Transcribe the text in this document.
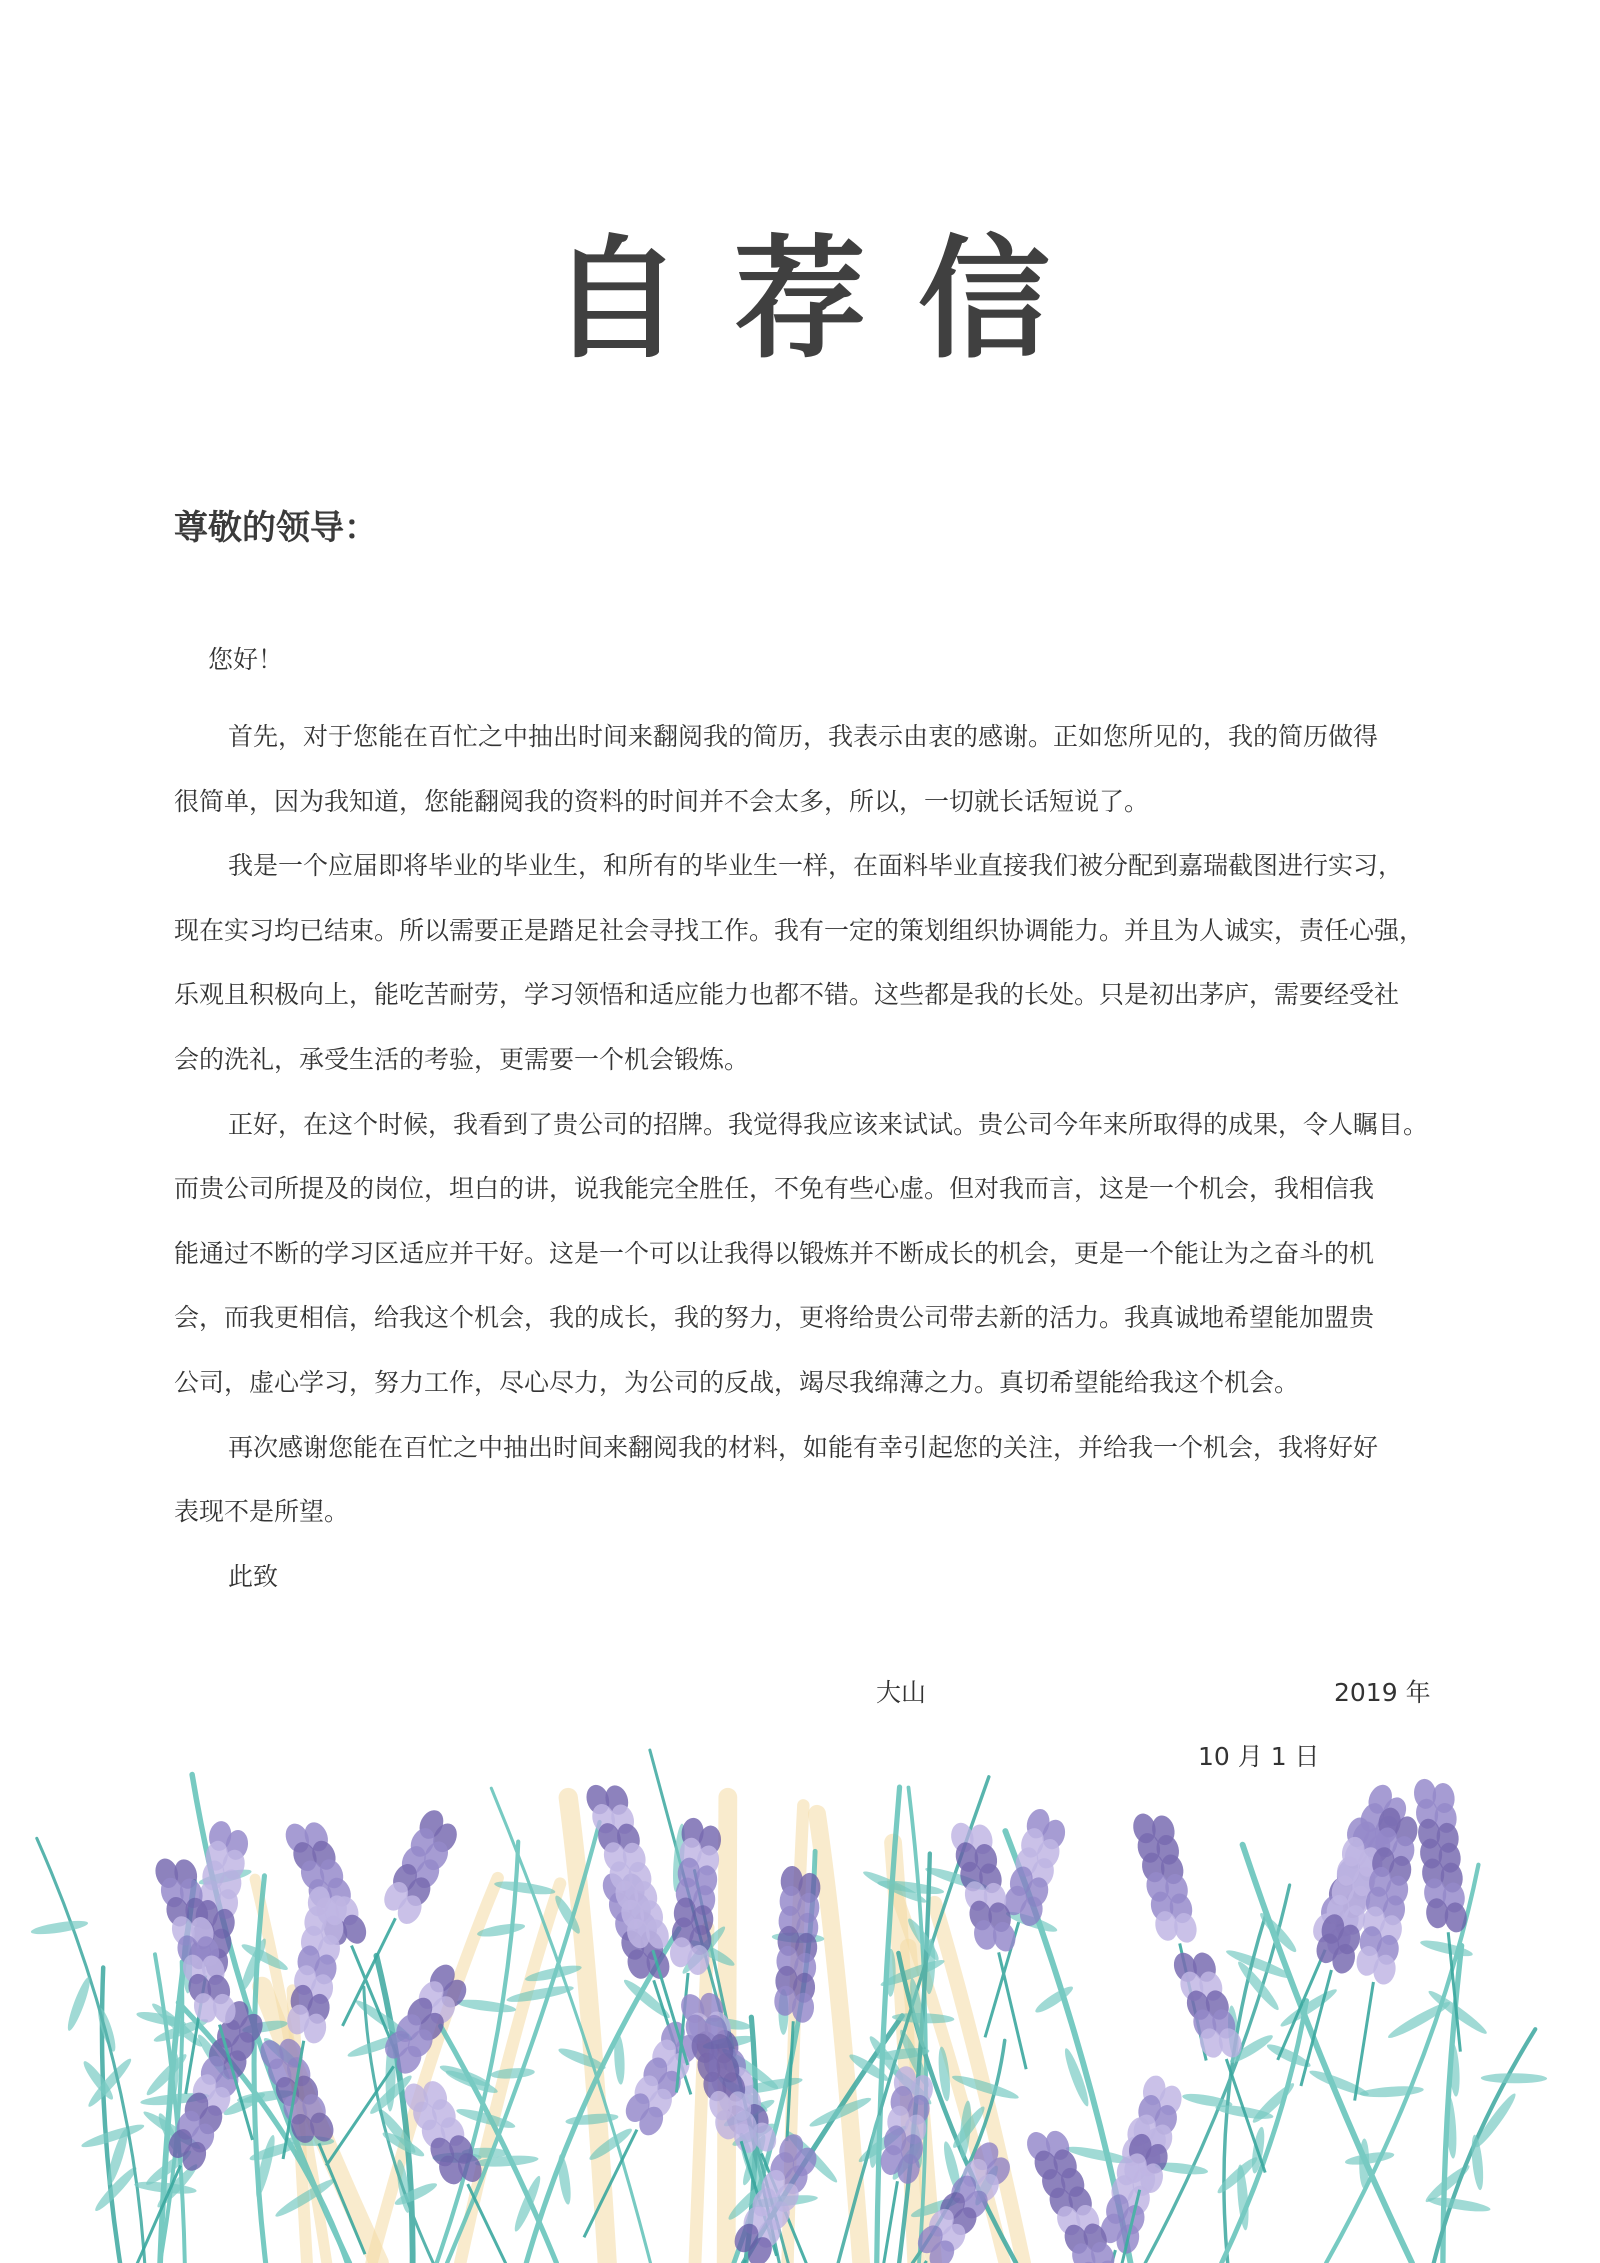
自荐信
尊敬的领导：
您好！
首先，对于您能在百忙之中抽出时间来翻阅我的简历，我表示由衷的感谢。正如您所见的，我的简历做得
很简单，因为我知道，您能翻阅我的资料的时间并不会太多，所以，一切就长话短说了。
我是一个应届即将毕业的毕业生，和所有的毕业生一样，在面料毕业直接我们被分配到嘉瑞截图进行实习，
现在实习均已结束。所以需要正是踏足社会寻找工作。我有一定的策划组织协调能力。并且为人诚实，责任心强，
乐观且积极向上，能吃苦耐劳，学习领悟和适应能力也都不错。这些都是我的长处。只是初出茅庐，需要经受社
会的洗礼，承受生活的考验，更需要一个机会锻炼。
正好，在这个时候，我看到了贵公司的招牌。我觉得我应该来试试。贵公司今年来所取得的成果，令人瞩目。
而贵公司所提及的岗位，坦白的讲，说我能完全胜任，不免有些心虚。但对我而言，这是一个机会，我相信我
能通过不断的学习区适应并干好。这是一个可以让我得以锻炼并不断成长的机会，更是一个能让为之奋斗的机
会，而我更相信，给我这个机会，我的成长，我的努力，更将给贵公司带去新的活力。我真诚地希望能加盟贵
公司，虚心学习，努力工作，尽心尽力，为公司的反战，竭尽我绵薄之力。真切希望能给我这个机会。
再次感谢您能在百忙之中抽出时间来翻阅我的材料，如能有幸引起您的关注，并给我一个机会，我将好好
表现不是所望。
此致
大山	2019 年
10 月 1 日
